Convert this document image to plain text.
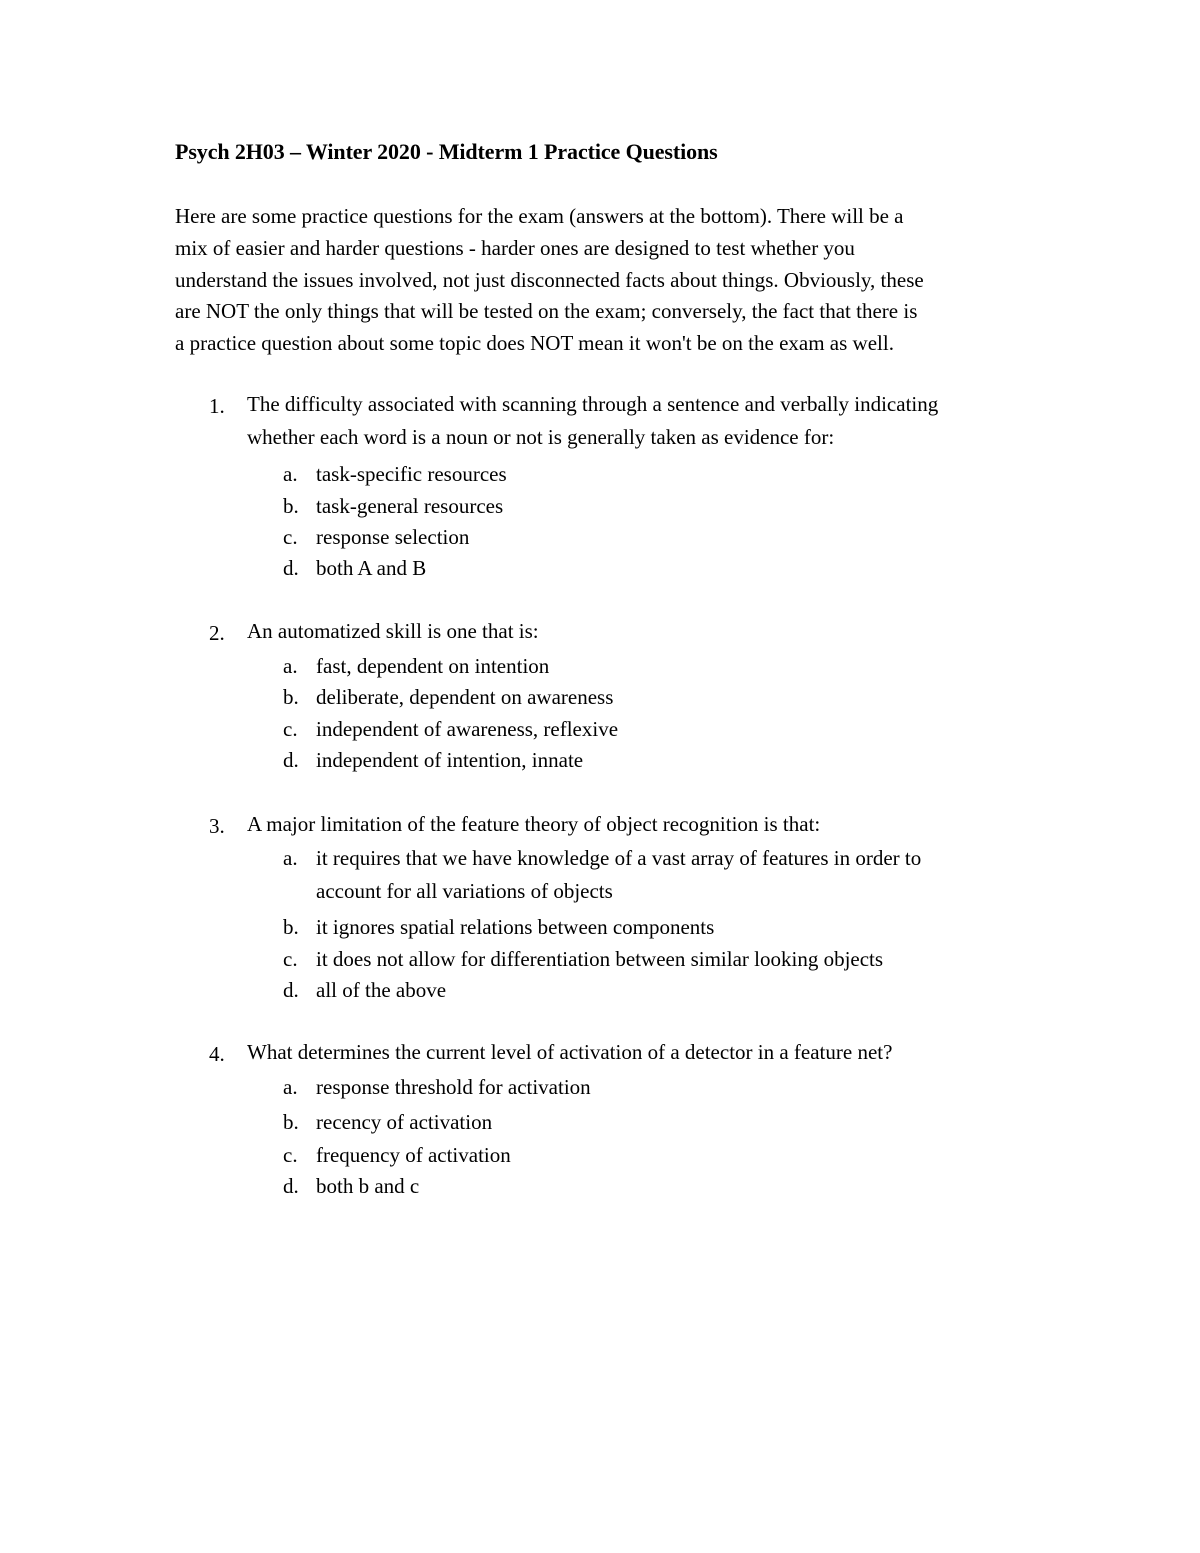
Psych 2H03 – Winter 2020 - Midterm 1 Practice Questions
Here are some practice questions for the exam (answers at the bottom). There will be a
mix of easier and harder questions - harder ones are designed to test whether you
understand the issues involved, not just disconnected facts about things. Obviously, these
are NOT the only things that will be tested on the exam; conversely, the fact that there is
a practice question about some topic does NOT mean it won't be on the exam as well.
1. The difficulty associated with scanning through a sentence and verbally indicating
whether each word is a noun or not is generally taken as evidence for:
a. task-specific resources
b. task-general resources
c. response selection
d. both A and B
2. An automatized skill is one that is:
a. fast, dependent on intention
b. deliberate, dependent on awareness
c. independent of awareness, reflexive
d. independent of intention, innate
3. A major limitation of the feature theory of object recognition is that:
a. it requires that we have knowledge of a vast array of features in order to
account for all variations of objects
b. it ignores spatial relations between components
c. it does not allow for differentiation between similar looking objects
d. all of the above
4. What determines the current level of activation of a detector in a feature net?
a. response threshold for activation
b. recency of activation
c. frequency of activation
d. both b and c
